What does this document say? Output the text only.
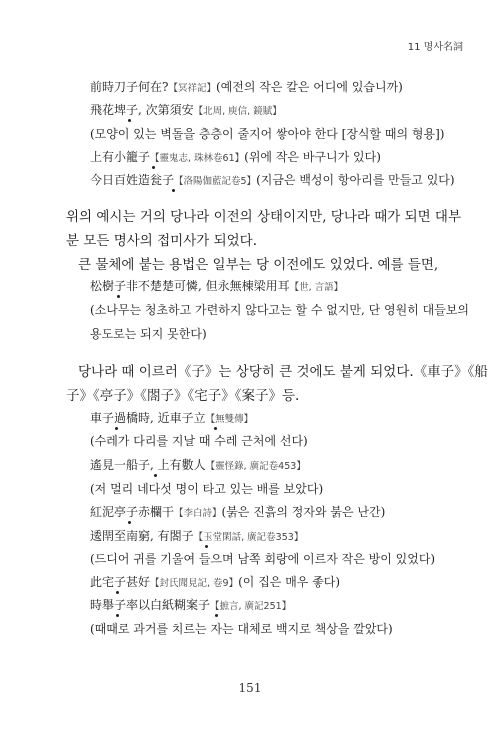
11 명사名詞
前時刀子何在?【冥祥記】(예전의 작은 칼은 어디에 있습니까)
飛花埤子, 次第須安【北周, 庾信, 鏡賦】
(모양이 있는 벽돌을 층층이 줄지어 쌓아야 한다 [장식할 때의 형용])
上有小籠子【靈鬼志, 珠林卷61】(위에 작은 바구니가 있다)
今日百姓造瓮子【洛陽伽藍記卷5】(지금은 백성이 항아리를 만들고 있다)
위의 예시는 거의 당나라 이전의 상태이지만, 당나라 때가 되면 대부
분 모든 명사의 접미사가 되었다.
큰 물체에 붙는 용법은 일부는 당 이전에도 있었다. 예를 들면,
松樹子非不楚楚可憐, 但永無棟梁用耳【世, 言語】
(소나무는 청초하고 가련하지 않다고는 할 수 없지만, 단 영원히 대들보의
용도로는 되지 못한다)
당나라 때 이르러《子》는 상당히 큰 것에도 붙게 되었다.《車子》《船
子》《亭子》《閤子》《宅子》《案子》등.
車子過橋時, 近車子立【無雙傳】
(수레가 다리를 지날 때 수레 근처에 선다)
遙見一船子, 上有數人【靈怪錄, 廣記卷453】
(저 멀리 네다섯 명이 타고 있는 배를 보았다)
紅泥亭子赤欄干【李白詩】(붉은 진흙의 정자와 붉은 난간)
逶閈至南窮, 有閤子【玉堂閑話, 廣記卷353】
(드디어 귀를 기울여 들으며 남쪽 회랑에 이르자 작은 방이 있었다)
此宅子甚好【封氏聞見記, 卷9】(이 집은 매우 좋다)
時舉子率以白紙糊案子【摭言, 廣記251】
(때때로 과거를 치르는 자는 대체로 백지로 책상을 깔았다)
151
